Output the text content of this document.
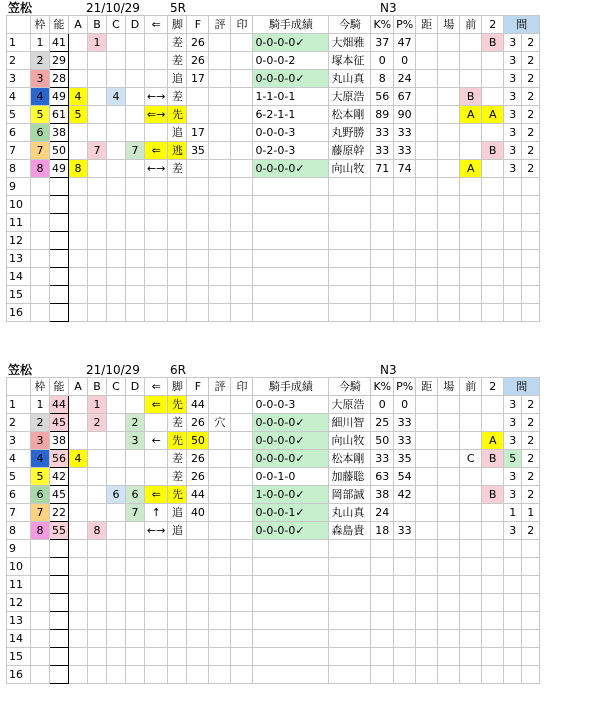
笠松	21/10/29	5R	N3
	枠	能	A	B	C	D	⇐	脚	F	評	印	騎手成績	今騎	K%	P%	距	場	前	2	間	
1	1	41		1				差	26			0-0-0-0✓	大畑雅	37	47				B	3	2
2	2	29						差	26			0-0-0-2	塚本征	0	0					3	2
3	3	28						追	17			0-0-0-0✓	丸山真	8	24					3	2
4	4	49	4		4		←→	差				1-1-0-1	大原浩	56	67			B		3	2
5	5	61	5				⇐→	先				6-2-1-1	松本剛	89	90			A	A	3	2
6	6	38						追	17			0-0-0-3	丸野勝	33	33					3	2
7	7	50		7		7	⇐	逃	35			0-2-0-3	藤原幹	33	33				B	3	2
8	8	49	8				←→	差				0-0-0-0✓	向山牧	71	74			A		3	2
9																					
10																					
11																					
12																					
13																					
14																					
15																					
16																					
笠松	21/10/29	6R	N3
	枠	能	A	B	C	D	⇐	脚	F	評	印	騎手成績	今騎	K%	P%	距	場	前	2	間	
1	1	44		1			⇐	先	44			0-0-0-3	大原浩	0	0					3	2
2	2	45		2		2		差	26	穴		0-0-0-0✓	細川智	25	33					3	2
3	3	38				3	←	先	50			0-0-0-0✓	向山牧	50	33				A	3	2
4	4	56	4					差	26			0-0-0-0✓	松本剛	33	35			C	B	5	2
5	5	42						差	26			0-0-1-0	加藤聡	63	54					3	2
6	6	45			6	6	⇐	先	44			1-0-0-0✓	岡部誠	38	42				B	3	2
7	7	22				7	↑	追	40			0-0-0-1✓	丸山真	24						1	1
8	8	55		8			←→	追				0-0-0-0✓	森島貴	18	33					3	2
9																					
10																					
11																					
12																					
13																					
14																					
15																					
16																					
